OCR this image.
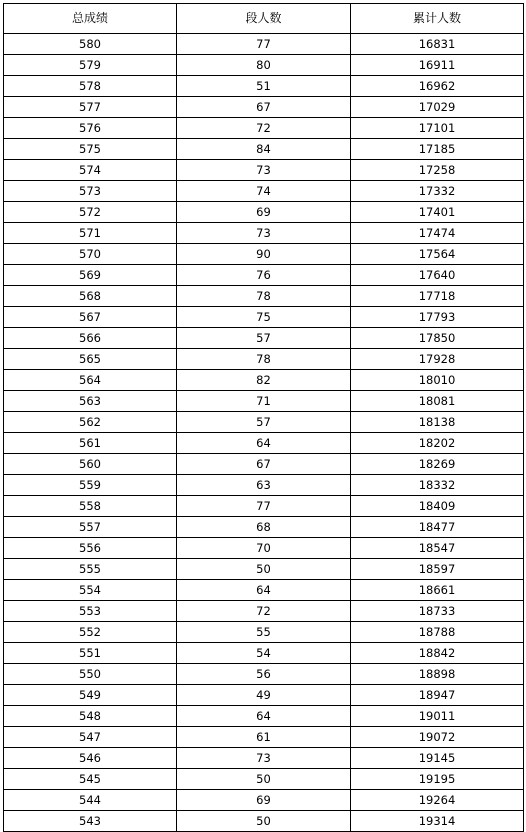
总成绩	段人数	累计人数
580	77	16831
579	80	16911
578	51	16962
577	67	17029
576	72	17101
575	84	17185
574	73	17258
573	74	17332
572	69	17401
571	73	17474
570	90	17564
569	76	17640
568	78	17718
567	75	17793
566	57	17850
565	78	17928
564	82	18010
563	71	18081
562	57	18138
561	64	18202
560	67	18269
559	63	18332
558	77	18409
557	68	18477
556	70	18547
555	50	18597
554	64	18661
553	72	18733
552	55	18788
551	54	18842
550	56	18898
549	49	18947
548	64	19011
547	61	19072
546	73	19145
545	50	19195
544	69	19264
543	50	19314
